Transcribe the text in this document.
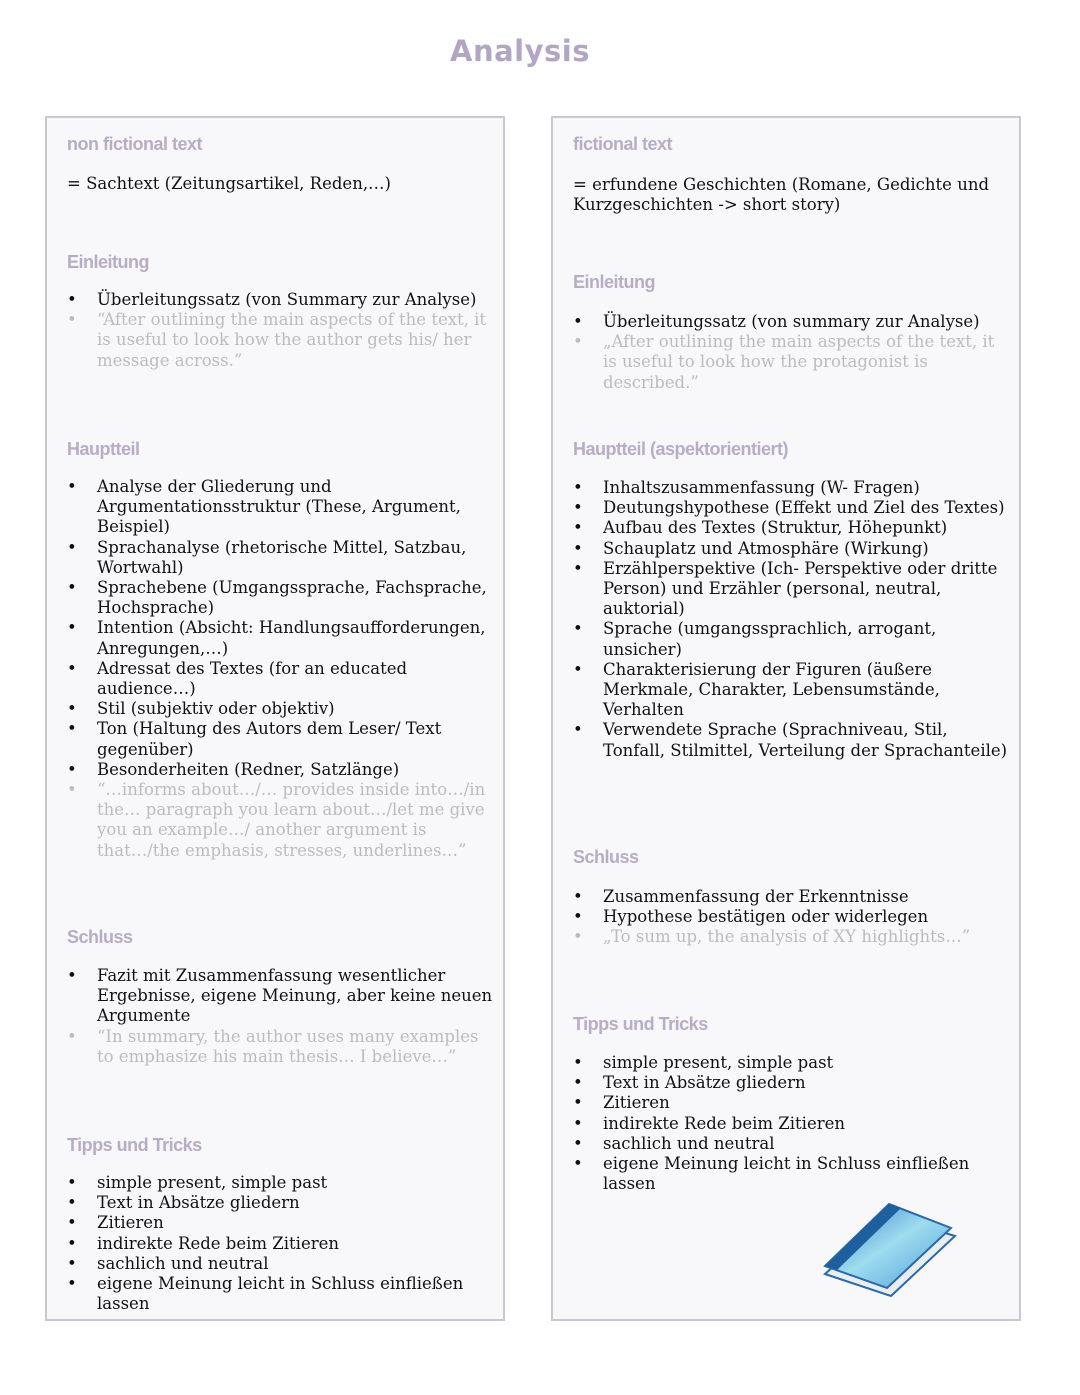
Analysis
non fictional text
= Sachtext (Zeitungsartikel, Reden,…)
Einleitung
• Überleitungssatz (von Summary zur Analyse)
• “After outlining the main aspects of the text, it is useful to look how the author gets his/ her message across.”
Hauptteil
• Analyse der Gliederung und Argumentationsstruktur (These, Argument, Beispiel)
• Sprachanalyse (rhetorische Mittel, Satzbau, Wortwahl)
• Sprachebene (Umgangssprache, Fachsprache, Hochsprache)
• Intention (Absicht: Handlungsaufforderungen, Anregungen,…)
• Adressat des Textes (for an educated audience…)
• Stil (subjektiv oder objektiv)
• Ton (Haltung des Autors dem Leser/ Text gegenüber)
• Besonderheiten (Redner, Satzlänge)
• “…informs about…/… provides inside into…/in the… paragraph you learn about…/let me give you an example…/ another argument is that…/the emphasis, stresses, underlines…”
Schluss
• Fazit mit Zusammenfassung wesentlicher Ergebnisse, eigene Meinung, aber keine neuen Argumente
• “In summary, the author uses many examples to emphasize his main thesis… I believe…”
Tipps und Tricks
• simple present, simple past
• Text in Absätze gliedern
• Zitieren
• indirekte Rede beim Zitieren
• sachlich und neutral
• eigene Meinung leicht in Schluss einfließen lassen
fictional text
= erfundene Geschichten (Romane, Gedichte und Kurzgeschichten -> short story)
Einleitung
• Überleitungssatz (von summary zur Analyse)
• „After outlining the main aspects of the text, it is useful to look how the protagonist is described.”
Hauptteil (aspektorientiert)
• Inhaltszusammenfassung (W- Fragen)
• Deutungshypothese (Effekt und Ziel des Textes)
• Aufbau des Textes (Struktur, Höhepunkt)
• Schauplatz und Atmosphäre (Wirkung)
• Erzählperspektive (Ich- Perspektive oder dritte Person) und Erzähler (personal, neutral, auktorial)
• Sprache (umgangssprachlich, arrogant, unsicher)
• Charakterisierung der Figuren (äußere Merkmale, Charakter, Lebensumstände, Verhalten
• Verwendete Sprache (Sprachniveau, Stil, Tonfall, Stilmittel, Verteilung der Sprachanteile)
Schluss
• Zusammenfassung der Erkenntnisse
• Hypothese bestätigen oder widerlegen
• „To sum up, the analysis of XY highlights…”
Tipps und Tricks
• simple present, simple past
• Text in Absätze gliedern
• Zitieren
• indirekte Rede beim Zitieren
• sachlich und neutral
• eigene Meinung leicht in Schluss einfließen lassen
